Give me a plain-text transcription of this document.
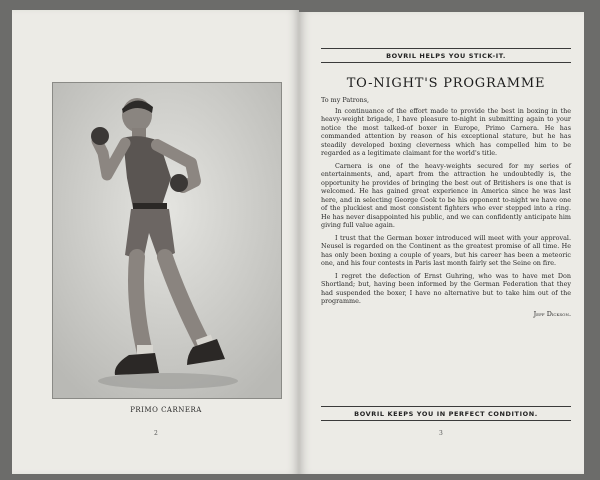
PRIMO CARNERA
2
BOVRIL HELPS YOU STICK-IT.
TO-NIGHT'S PROGRAMME

To my Patrons,

In continuance of the effort made to provide the best in boxing in the heavy-weight brigade, I have pleasure to-night in submitting again to your notice the most talked-of boxer in Europe, Primo Carnera. He has commanded attention by reason of his exceptional stature, but he has steadily developed boxing cleverness which has compelled him to be regarded as a legitimate claimant for the world's title.

Carnera is one of the heavy-weights secured for my series of entertainments, and, apart from the attraction he undoubtedly is, the opportunity he provides of bringing the best out of Britishers is one that is welcomed. He has gained great experience in America since he was last here, and in selecting George Cook to be his opponent to-night we have one of the pluckiest and most consistent fighters who ever stepped into a ring. He has never disappointed his public, and we can confidently anticipate him giving full value again.

I trust that the German boxer introduced will meet with your approval. Neusel is regarded on the Continent as the greatest promise of all time. He has only been boxing a couple of years, but his career has been a meteoric one, and his four contests in Paris last month fairly set the Seine on fire.

I regret the defection of Ernst Guhring, who was to have met Don Shortland; but, having been informed by the German Federation that they had suspended the boxer, I have no alternative but to take him out of the programme.

Jeff Dickson.

BOVRIL KEEPS YOU IN PERFECT CONDITION.
3
